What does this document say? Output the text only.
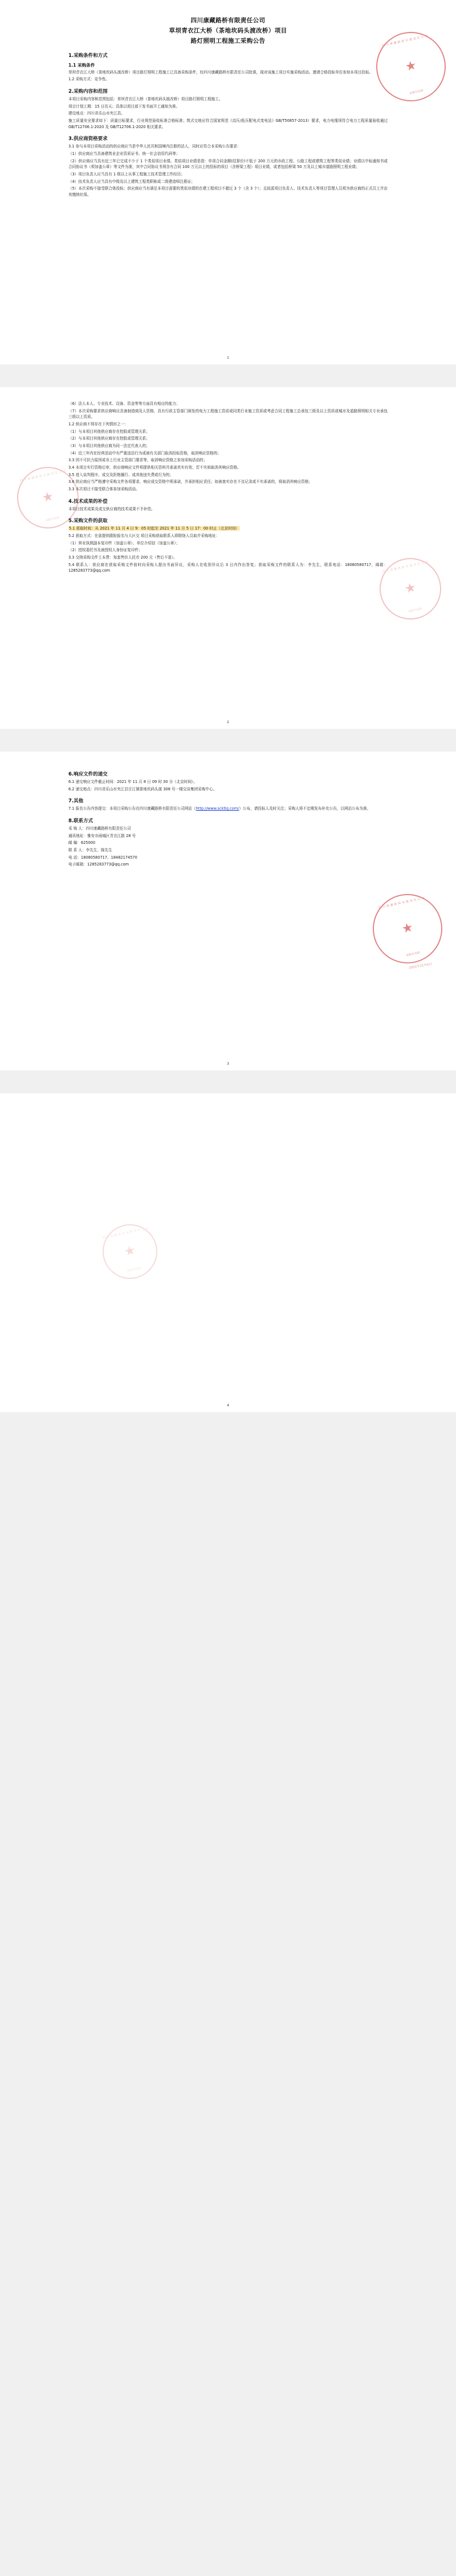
四川康藏路桥有限责任公司
★
采购专用章
四川康藏路桥有限责任公司
草坝青衣江大桥（茶地坎码头渡改桥）项目
路灯照明工程施工采购公告
1.采购条件和方式
1.1 采购条件

草坝青衣江大桥（茶地坎码头渡改桥）项目路灯照明工程施工已具备采购条件，经四川康藏路桥有限责任公司批准，现对该施工项目实施采购活动。邀请合格投标单位参加本项目投标。

1.2 采购方式：竞争性。

2.采购内容和范围

本项目采购内容和范围包括：草坝青衣江大桥（茶地坎码头渡改桥）项目路灯照明工程施工。

项目计划工期：15 日历天；具体以项目部下发书面开工通知为准。

建设地点：四川省乐山市夹江县。

施工质量安全要求如下：质量目标要求，行业规范验收标准合格标准；筑式交地应符合国家规范《高压/低压配电式变电站》GB/T50857-2013）要求，电力电缆项符合电力工程质量验收通过 GB/T12706.1-2020 及 GB/T12706.1-2020 相关要求。

3.供应商资格要求

3.1 参与本项目采购活动的供应商应当是中华人民共和国境内注册的法人，同时应符合本采购公告要求：

（1）供应商应当具备建筑业企业资质证书、统一社会信用代码等；

（2）供应商应当具有近三年已完成不少于 1 个类似项目业绩。类似项目业绩是指：单项合同金额(结算价)不低于 200 万元的市政工程、公路工程或建筑工程等类似业绩；业绩以中标通知书或合同协议书（须加盖公章）等文件为准，其中合同协议书须含有合同 100 万元以上的投标的项目（含桥梁工程）项目业绩，或者包括桥梁 50 万及以上城市道路照明工程业绩；

（3）项目负责人应当具有 1 级以上从事工程施工技术管理工作经历；

（4）技术负责人应当具有中级及以上建筑工程类职称或二级建造师注册证；

（5）本次采购不接受联合体投标；供应商应当有满足本项目需要的类似业绩的在建工程项目不超过 3 个（含 3 个）；且拟派项目负责人、技术负责人等项目管理人员须为供应商的正式员工并由其缴纳社保。

1
四川康藏路桥有限责任公司
★
采购专用章
四川康藏路桥有限责任公司
★
采购专用章

（6）法人本人、专业技术、设备、资金等等方面具有相应的能力；

（7）本次采购要求供应商响应具备制造商及人资格、具有行政主管部门颁发的电力工程施工资质或同类行业施工资质或考虑合同工程施工总承包三级及以上资质或城市及道路照明相关专业承包三级以上资质。

1.2 供应商不得存在下列情形之一：

（1）与本项目其他供应商存在控股或管理关系；

（2）与本项目其他供应商存在控股或管理关系；

（3）与本项目其他供应商为同一法定代表人的；

（4）近三年内在经营活动中有严重违法行为或被有关部门取消投标资格，取消响应资格的；

3.3 因不可抗力原因或非上行业主管部门要求等，取消响应资格之参加采购活动的；

3.4 本项目实行资格后审，供应商响应文件须提供相关资料并承诺真实有效；若不实则取消其响应资格。

3.5 进入谈判程序、成交及拒绝履行、成其他违失费或行为的；

3.6 供应商应当严格遵守采购文件各项要求，响应成交资格中须承诺，并承担相应责任；如被查实存在不良记录或不实承诺的，将取消其响应资格；

3.3 本次项目不接受联合体参加采购活动。

4.技术成果的补偿

本项目技术成果及成交供应商的技术成果不予补偿。

5.采购文件的获取

5.1 获取时间：从 2021 年 11 月 4 日 9：05 时起至 2021 年 11 月 5 日 17：00 时止（北京时间）

5.2 获取方式：在需提供跟踪报名与大区交 项目采购获取联系人即联络人员取并采购地址：

（1）营业执照副本复印件（加盖公章）、单位介绍信（加盖公章）；

（2）授权委托书及被授权人身份证复印件；

3.3 交纳采购文件工本费：每套售价人民币 200 元（售后不退）。

5.4 联系人：供应商在获取采购文件前时向采购人提出书面异议，采购人在收到异议后 3 日内作出答复；获取采购文件的联系人为：李先生，联系电话：18080580717，邮箱：1285283773@qq.com

2
四川康藏路桥有限责任公司
★
采购专用章
2021年11月4日
6.响应文件的递交

6.1 递交响应文件截止时间：2021 年 11 月 8 日 09 时 30 分（北京时间）。

6.2 递交地点：四川省乐山市夹江县甘江镇茶地坎码头渡 308 号一楼交谈集团采购中心。

7.其他

7.1 报名公告内容提交：本项目采购公告在四川康藏路桥有限责任公司网站（http://www.scktlq.com/）公布，请投标人及时关注；采购人将不定期发布补充公告，以网站公布为准。

8.联系方式

采 购 人：四川康藏路桥有限责任公司

通讯地址：雅安市雨城区青衣江路 28 号

邮 编：625000

联 系 人：李先生、陈先生

电 话：18080580717、18482174570

电子邮箱：1285283773@qq.com

3
四川康藏路桥有限责任公司
★
采购专用章
4
